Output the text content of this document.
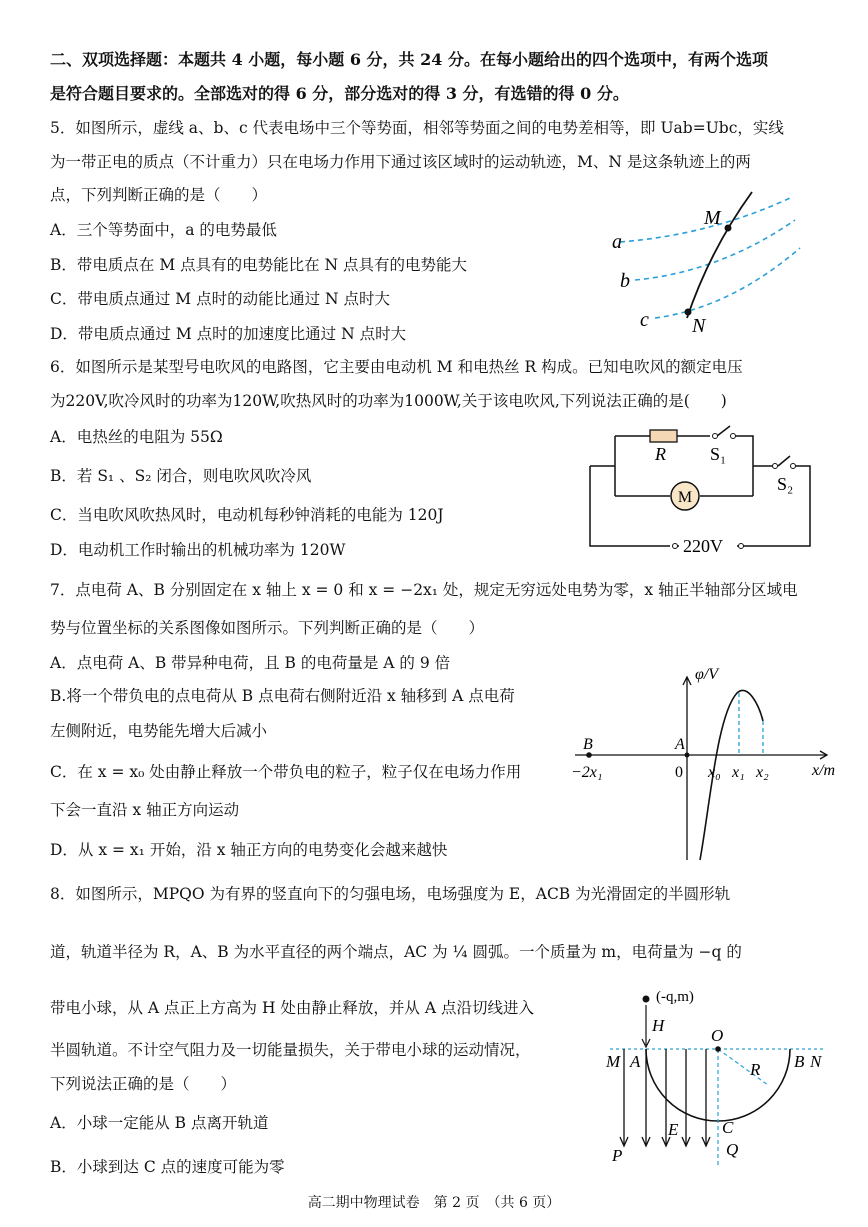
二、双项选择题：本题共 4 小题，每小题 6 分，共 24 分。在每小题给出的四个选项中，有两个选项
是符合题目要求的。全部选对的得 6 分，部分选对的得 3 分，有选错的得 0 分。
5．如图所示，虚线 a、b、c 代表电场中三个等势面，相邻等势面之间的电势差相等，即 Uab=Ubc，实线
为一带正电的质点（不计重力）只在电场力作用下通过该区域时的运动轨迹，M、N 是这条轨迹上的两
点，下列判断正确的是（　　）
A．三个等势面中，a 的电势最低
B．带电质点在 M 点具有的电势能比在 N 点具有的电势能大
C．带电质点通过 M 点时的动能比通过 N 点时大
D．带电质点通过 M 点时的加速度比通过 N 点时大
a
b
c
M
N
6．如图所示是某型号电吹风的电路图，它主要由电动机 M 和电热丝 R 构成。已知电吹风的额定电压
为220V,吹冷风时的功率为120W,吹热风时的功率为1000W,关于该电吹风,下列说法正确的是(　　)
A．电热丝的电阻为 55Ω
B．若 S₁ 、S₂ 闭合，则电吹风吹冷风
C．当电吹风吹热风时，电动机每秒钟消耗的电能为 120J
D．电动机工作时输出的机械功率为 120W
R S₁
S₂
M
220V
7．点电荷 A、B 分别固定在 x 轴上 x = 0 和 x = −2x₁ 处，规定无穷远处电势为零，x 轴正半轴部分区域电
势与位置坐标的关系图像如图所示。下列判断正确的是（　　）
A．点电荷 A、B 带异种电荷，且 B 的电荷量是 A 的 9 倍
B.将一个带负电的点电荷从 B 点电荷右侧附近沿 x 轴移到 A 点电荷
左侧附近，电势能先增大后减小
C．在 x = x₀ 处由静止释放一个带负电的粒子，粒子仅在电场力作用
下会一直沿 x 轴正方向运动
D．从 x = x₁ 开始，沿 x 轴正方向的电势变化会越来越快
φ/V
x/m
B	A
−2x₁	0 x₀ x₁ x₂
8．如图所示，MPQO 为有界的竖直向下的匀强电场，电场强度为 E，ACB 为光滑固定的半圆形轨
道，轨道半径为 R，A、B 为水平直径的两个端点，AC 为 ¼ 圆弧。一个质量为 m，电荷量为 −q 的
带电小球，从 A 点正上方高为 H 处由静止释放，并从 A 点沿切线进入
半圆轨道。不计空气阻力及一切能量损失，关于带电小球的运动情况，
下列说法正确的是（　　）
A．小球一定能从 B 点离开轨道
B．小球到达 C 点的速度可能为零
(-q,m)
H
O
M A	R B N
E	C
P	Q
高二期中物理试卷　第 2 页　（共 6 页）
